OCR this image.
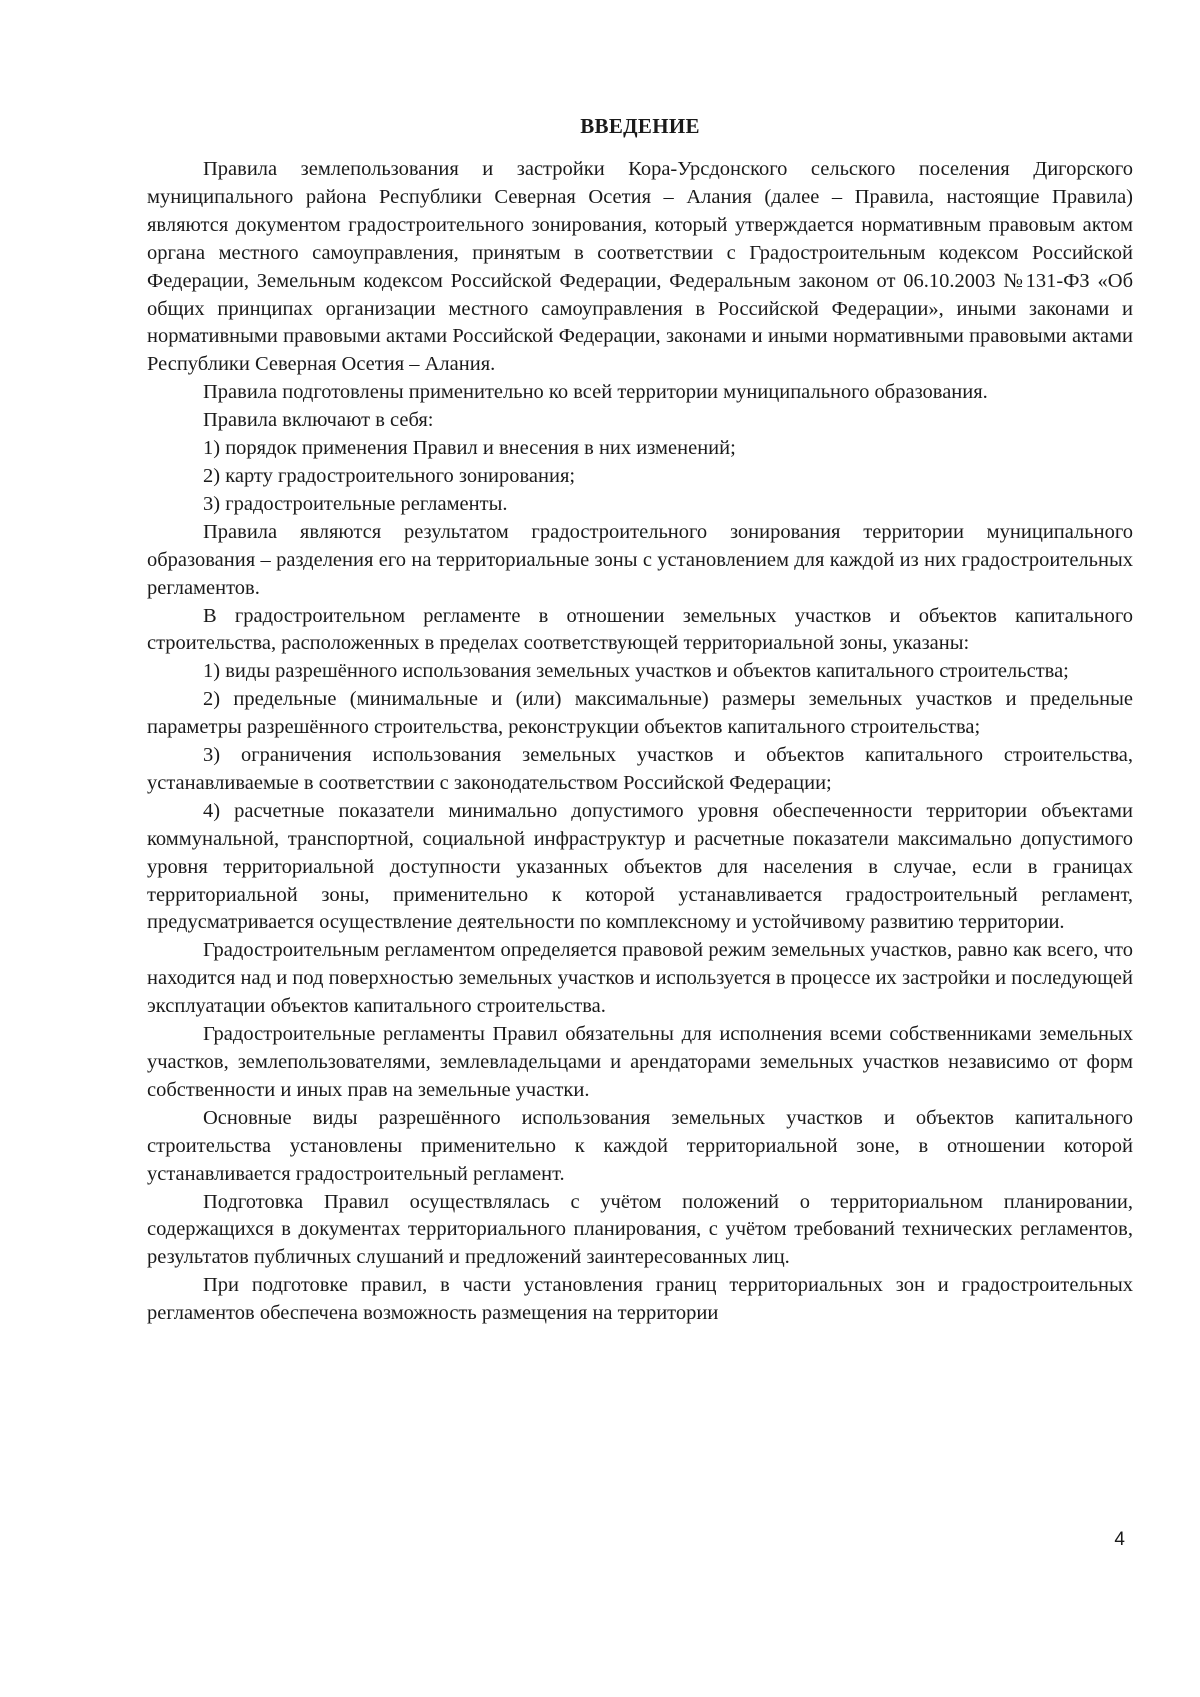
ВВЕДЕНИЕ

Правила землепользования и застройки Кора-Урсдонского сельского поселения Дигорского муниципального района Республики Северная Осетия – Алания (далее – Правила, настоящие Правила) являются документом градостроительного зонирования, который утверждается нормативным правовым актом органа местного самоуправления, принятым в соответствии с Градостроительным кодексом Российской Федерации, Земельным кодексом Российской Федерации, Федеральным законом от 06.10.2003 №131-ФЗ «Об общих принципах организации местного самоуправления в Российской Федерации», иными законами и нормативными правовыми актами Российской Федерации, законами и иными нормативными правовыми актами Республики Северная Осетия – Алания.

Правила подготовлены применительно ко всей территории муниципального образования.

Правила включают в себя:

1) порядок применения Правил и внесения в них изменений;

2) карту градостроительного зонирования;

3) градостроительные регламенты.

Правила являются результатом градостроительного зонирования территории муниципального образования – разделения его на территориальные зоны с установлением для каждой из них градостроительных регламентов.

В градостроительном регламенте в отношении земельных участков и объектов капитального строительства, расположенных в пределах соответствующей территориальной зоны, указаны:

1) виды разрешённого использования земельных участков и объектов капитального строительства;

2) предельные (минимальные и (или) максимальные) размеры земельных участков и предельные параметры разрешённого строительства, реконструкции объектов капитального строительства;

3) ограничения использования земельных участков и объектов капитального строительства, устанавливаемые в соответствии с законодательством Российской Федерации;

4) расчетные показатели минимально допустимого уровня обеспеченности территории объектами коммунальной, транспортной, социальной инфраструктур и расчетные показатели максимально допустимого уровня территориальной доступности указанных объектов для населения в случае, если в границах территориальной зоны, применительно к которой устанавливается градостроительный регламент, предусматривается осуществление деятельности по комплексному и устойчивому развитию территории.

Градостроительным регламентом определяется правовой режим земельных участков, равно как всего, что находится над и под поверхностью земельных участков и используется в процессе их застройки и последующей эксплуатации объектов капитального строительства.

Градостроительные регламенты Правил обязательны для исполнения всеми собственниками земельных участков, землепользователями, землевладельцами и арендаторами земельных участков независимо от форм собственности и иных прав на земельные участки.

Основные виды разрешённого использования земельных участков и объектов капитального строительства установлены применительно к каждой территориальной зоне, в отношении которой устанавливается градостроительный регламент.

Подготовка Правил осуществлялась с учётом положений о территориальном планировании, содержащихся в документах территориального планирования, с учётом требований технических регламентов, результатов публичных слушаний и предложений заинтересованных лиц.

При подготовке правил, в части установления границ территориальных зон и градостроительных регламентов обеспечена возможность размещения на территории

4
